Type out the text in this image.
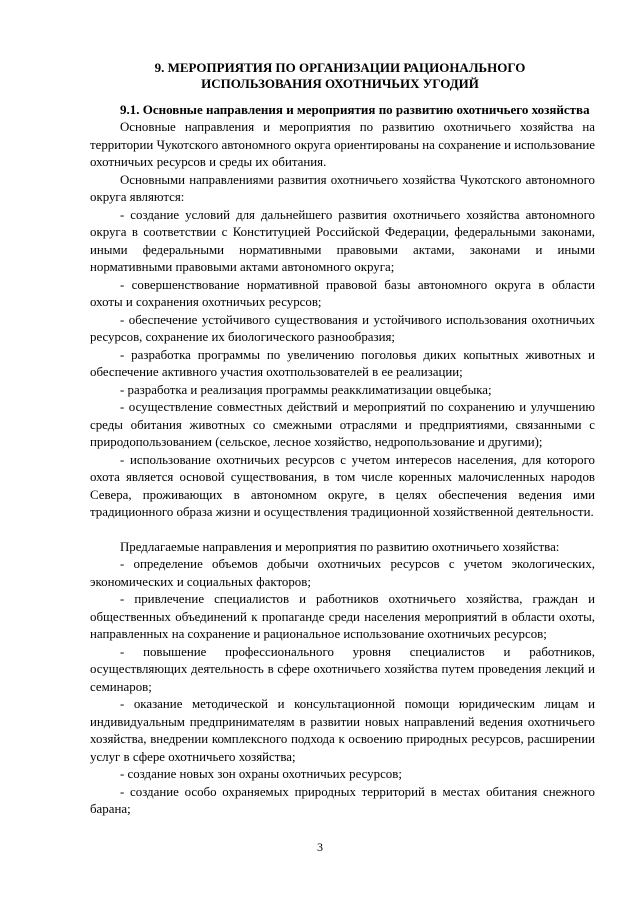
9. МЕРОПРИЯТИЯ ПО ОРГАНИЗАЦИИ РАЦИОНАЛЬНОГО
ИСПОЛЬЗОВАНИЯ ОХОТНИЧЬИХ УГОДИЙ
9.1. Основные направления и мероприятия по развитию охотничьего хозяйства

Основные направления и мероприятия по развитию охотничьего хозяйства на территории Чукотского автономного округа ориентированы на сохранение и использование охотничьих ресурсов и среды их обитания.

Основными направлениями развития охотничьего хозяйства Чукотского автономного округа являются:

- создание условий для дальнейшего развития охотничьего хозяйства автономного округа в соответствии с Конституцией Российской Федерации, федеральными законами, иными федеральными нормативными правовыми актами, законами и иными нормативными правовыми актами автономного округа;

- совершенствование нормативной правовой базы автономного округа в области охоты и сохранения охотничьих ресурсов;

- обеспечение устойчивого существования и устойчивого использования охотничьих ресурсов, сохранение их биологического разнообразия;

- разработка программы по увеличению поголовья диких копытных животных и обеспечение активного участия охотпользователей в ее реализации;

- разработка и реализация программы реакклиматизации овцебыка;

- осуществление совместных действий и мероприятий по сохранению и улучшению среды обитания животных со смежными отраслями и предприятиями, связанными с природопользованием (сельское, лесное хозяйство, недропользование и другими);

- использование охотничьих ресурсов с учетом интересов населения, для которого охота является основой существования, в том числе коренных малочисленных народов Севера, проживающих в автономном округе, в целях обеспечения ведения ими традиционного образа жизни и осуществления традиционной хозяйственной деятельности.

Предлагаемые направления и мероприятия по развитию охотничьего хозяйства:

- определение объемов добычи охотничьих ресурсов с учетом экологических, экономических и социальных факторов;

- привлечение специалистов и работников охотничьего хозяйства, граждан и общественных объединений к пропаганде среди населения мероприятий в области охоты, направленных на сохранение и рациональное использование охотничьих ресурсов;

- повышение профессионального уровня специалистов и работников, осуществляющих деятельность в сфере охотничьего хозяйства путем проведения лекций и семинаров;

- оказание методической и консультационной помощи юридическим лицам и индивидуальным предпринимателям в развитии новых направлений ведения охотничьего хозяйства, внедрении комплексного подхода к освоению природных ресурсов, расширении услуг в сфере охотничьего хозяйства;

- создание новых зон охраны охотничьих ресурсов;

- создание особо охраняемых природных территорий в местах обитания снежного барана;

3
